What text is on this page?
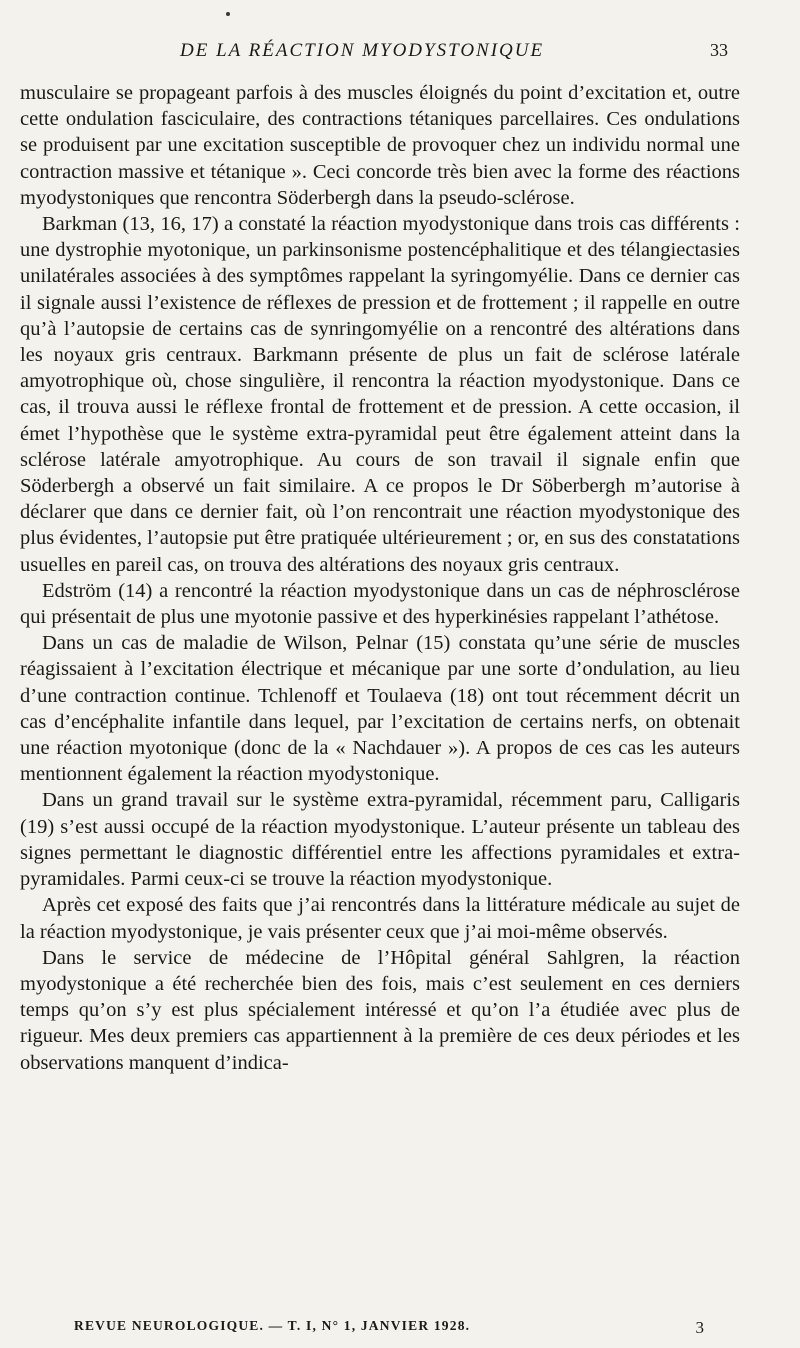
DE LA RÉACTION MYODYSTONIQUE	33

musculaire se propageant parfois à des muscles éloignés du point d’excitation et, outre cette ondulation fasciculaire, des contractions tétaniques parcellaires. Ces ondulations se produisent par une excitation susceptible de provoquer chez un individu normal une contraction massive et tétanique ». Ceci concorde très bien avec la forme des réactions myodystoniques que rencontra Söderbergh dans la pseudo-sclérose.

Barkman (13, 16, 17) a constaté la réaction myodystonique dans trois cas différents : une dystrophie myotonique, un parkinsonisme postencéphalitique et des télangiectasies unilatérales associées à des symptômes rappelant la syringomyélie. Dans ce dernier cas il signale aussi l’existence de réflexes de pression et de frottement ; il rappelle en outre qu’à l’autopsie de certains cas de synringomyélie on a rencontré des altérations dans les noyaux gris centraux. Barkmann présente de plus un fait de sclérose latérale amyotrophique où, chose singulière, il rencontra la réaction myodystonique. Dans ce cas, il trouva aussi le réflexe frontal de frottement et de pression. A cette occasion, il émet l’hypothèse que le système extra-pyramidal peut être également atteint dans la sclérose latérale amyotrophique. Au cours de son travail il signale enfin que Söderbergh a observé un fait similaire. A ce propos le Dr Söberbergh m’autorise à déclarer que dans ce dernier fait, où l’on rencontrait une réaction myodystonique des plus évidentes, l’autopsie put être pratiquée ultérieurement ; or, en sus des constatations usuelles en pareil cas, on trouva des altérations des noyaux gris centraux.

Edström (14) a rencontré la réaction myodystonique dans un cas de néphrosclérose qui présentait de plus une myotonie passive et des hyperkinésies rappelant l’athétose.

Dans un cas de maladie de Wilson, Pelnar (15) constata qu’une série de muscles réagissaient à l’excitation électrique et mécanique par une sorte d’ondulation, au lieu d’une contraction continue. Tchlenoff et Toulaeva (18) ont tout récemment décrit un cas d’encéphalite infantile dans lequel, par l’excitation de certains nerfs, on obtenait une réaction myotonique (donc de la « Nachdauer »). A propos de ces cas les auteurs mentionnent également la réaction myodystonique.

Dans un grand travail sur le système extra-pyramidal, récemment paru, Calligaris (19) s’est aussi occupé de la réaction myodystonique. L’auteur présente un tableau des signes permettant le diagnostic différentiel entre les affections pyramidales et extra-pyramidales. Parmi ceux-ci se trouve la réaction myodystonique.

Après cet exposé des faits que j’ai rencontrés dans la littérature médicale au sujet de la réaction myodystonique, je vais présenter ceux que j’ai moi-même observés.

Dans le service de médecine de l’Hôpital général Sahlgren, la réaction myodystonique a été recherchée bien des fois, mais c’est seulement en ces derniers temps qu’on s’y est plus spécialement intéressé et qu’on l’a étudiée avec plus de rigueur. Mes deux premiers cas appartiennent à la première de ces deux périodes et les observations manquent d’indica-

REVUE NEUROLOGIQUE. — T. I, N° 1, JANVIER 1928.	3
